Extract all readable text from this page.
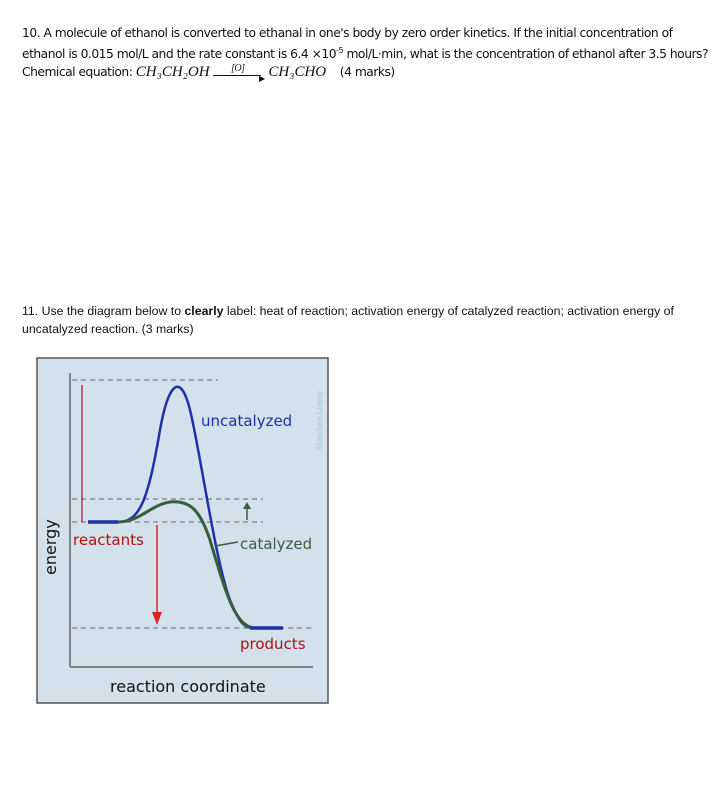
10. A molecule of ethanol is converted to ethanal in one's body by zero order kinetics. If the initial concentration of
ethanol is 0.015 mol/L and the rate constant is $6.4 \times 10^{-5}$ mol/L·min, what is the concentration of ethanol after 3.5 hours?
Chemical equation: CH₃CH₂OH [O]
▶ CH₃CHO (4 marks)
11. Use the diagram below to clearly label: heat of reaction; activation energy of catalyzed reaction; activation energy of uncatalyzed reaction. (3 marks)
uncatalyzed
catalyzed
reactants
products
reaction coordinate
energy
Stephen Lower
